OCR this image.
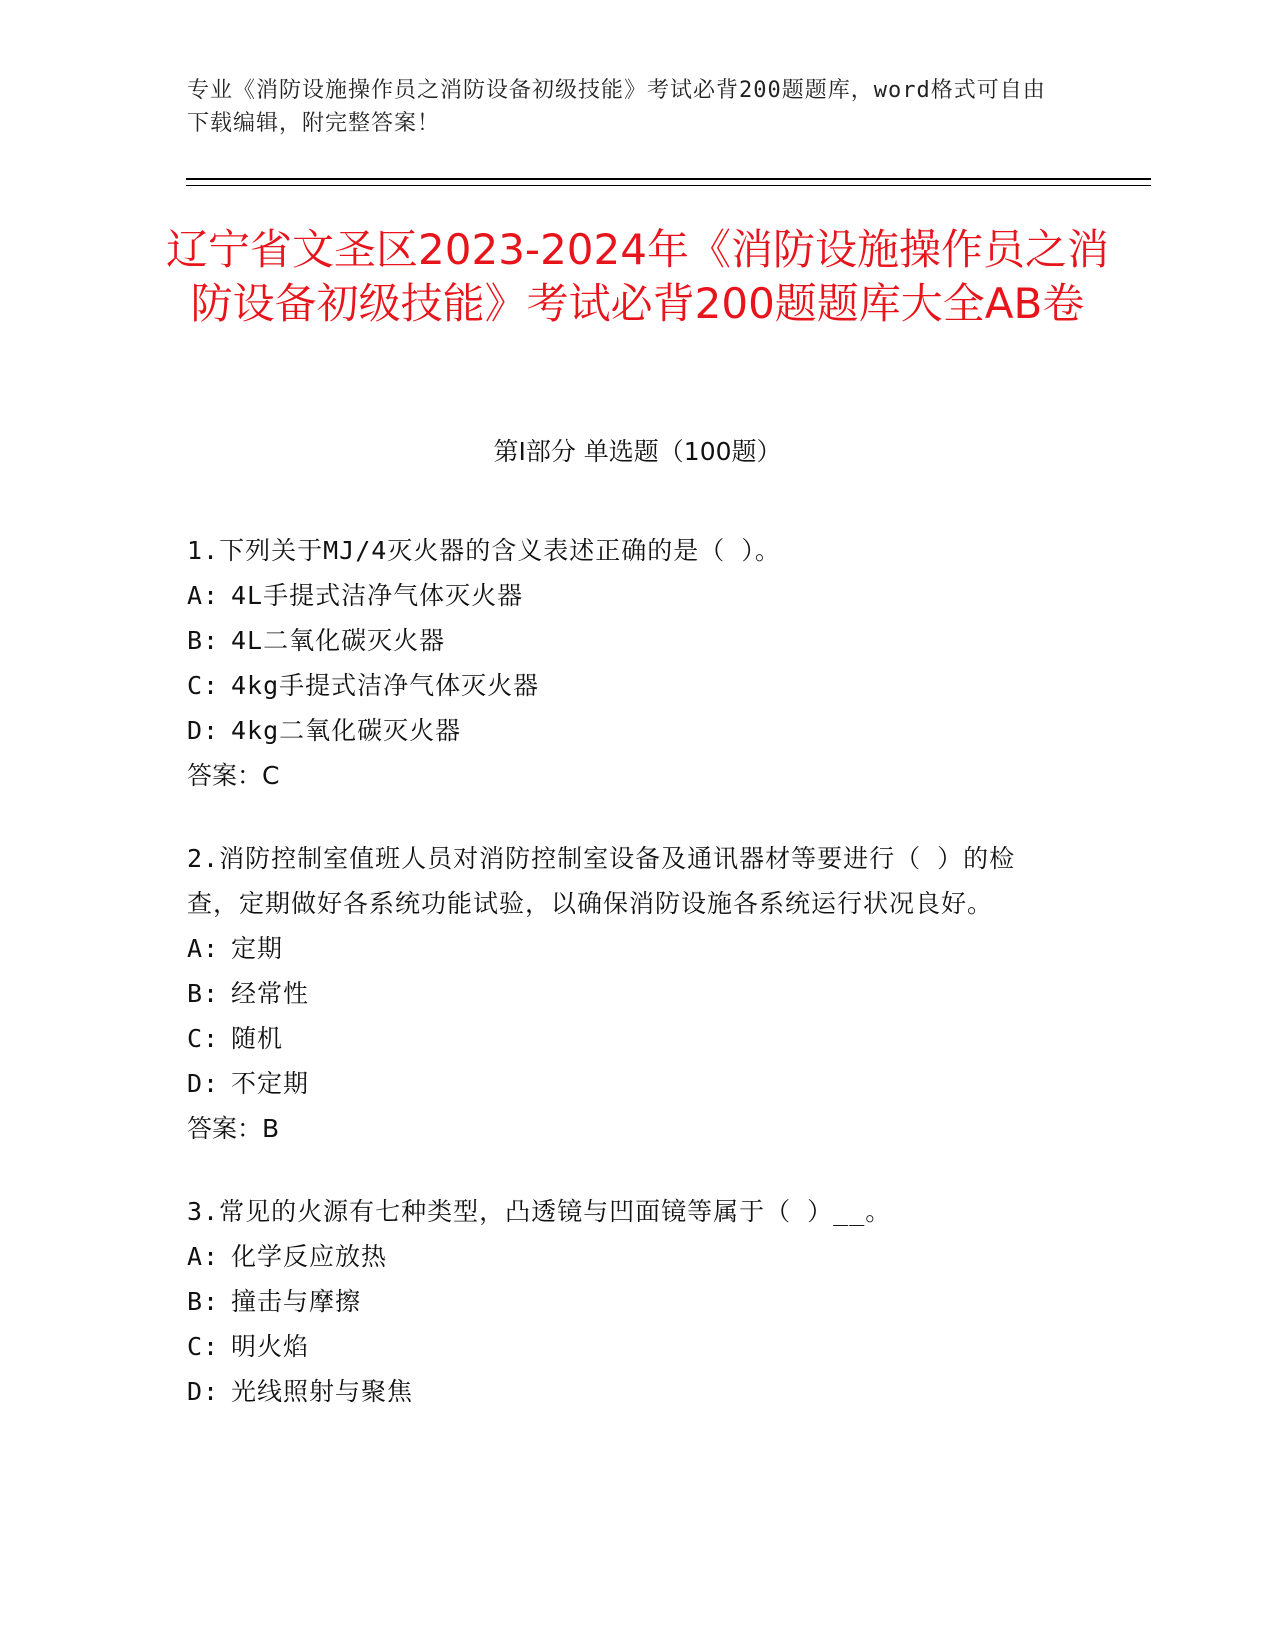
专业《消防设施操作员之消防设备初级技能》考试必背200题题库，word格式可自由下载编辑，附完整答案！
辽宁省文圣区2023-2024年《消防设施操作员之消防设备初级技能》考试必背200题题库大全AB卷
第Ⅰ部分 单选题（100题）

1.下列关于MJ/4灭火器的含义表述正确的是（ ）。

A: 4L手提式洁净气体灭火器

B: 4L二氧化碳灭火器

C: 4kg手提式洁净气体灭火器

D: 4kg二氧化碳灭火器

答案：C

2.消防控制室值班人员对消防控制室设备及通讯器材等要进行（ ）的检查，定期做好各系统功能试验，以确保消防设施各系统运行状况良好。

A: 定期

B: 经常性

C: 随机

D: 不定期

答案：B

3.常见的火源有七种类型，凸透镜与凹面镜等属于（ ）__。

A: 化学反应放热

B: 撞击与摩擦

C: 明火焰

D: 光线照射与聚焦
